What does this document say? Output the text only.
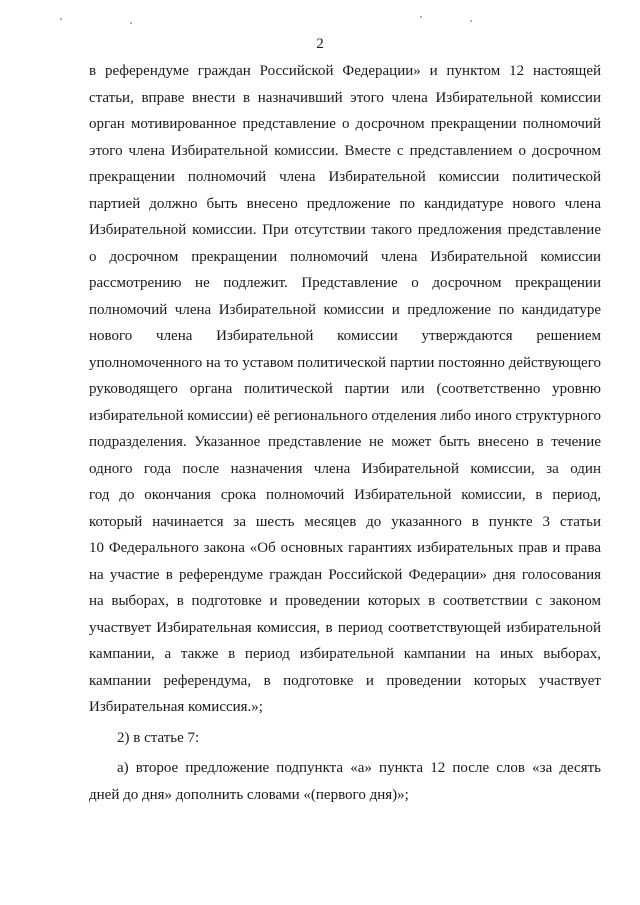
2
в референдуме граждан Российской Федерации» и пунктом 12 настоящей
статьи, вправе внести в назначивший этого члена Избирательной комиссии
орган мотивированное представление о досрочном прекращении полномочий
этого члена Избирательной комиссии. Вместе с представлением о досрочном
прекращении полномочий члена Избирательной комиссии политической
партией должно быть внесено предложение по кандидатуре нового члена
Избирательной комиссии. При отсутствии такого предложения представление
о досрочном прекращении полномочий члена Избирательной комиссии
рассмотрению не подлежит. Представление о досрочном прекращении
полномочий члена Избирательной комиссии и предложение по кандидатуре
нового члена Избирательной комиссии утверждаются решением
уполномоченного на то уставом политической партии постоянно действующего
руководящего органа политической партии или (соответственно уровню
избирательной комиссии) её регионального отделения либо иного структурного
подразделения. Указанное представление не может быть внесено в течение
одного года после назначения члена Избирательной комиссии, за один
год до окончания срока полномочий Избирательной комиссии, в период,
который начинается за шесть месяцев до указанного в пункте 3 статьи
10 Федерального закона «Об основных гарантиях избирательных прав и права
на участие в референдуме граждан Российской Федерации» дня голосования
на выборах, в подготовке и проведении которых в соответствии с законом
участвует Избирательная комиссия, в период соответствующей избирательной
кампании, а также в период избирательной кампании на иных выборах,
кампании референдума, в подготовке и проведении которых участвует
Избирательная комиссия.»;
2) в статье 7:
а) второе предложение подпункта «а» пункта 12 после слов «за десять
дней до дня» дополнить словами «(первого дня)»;
